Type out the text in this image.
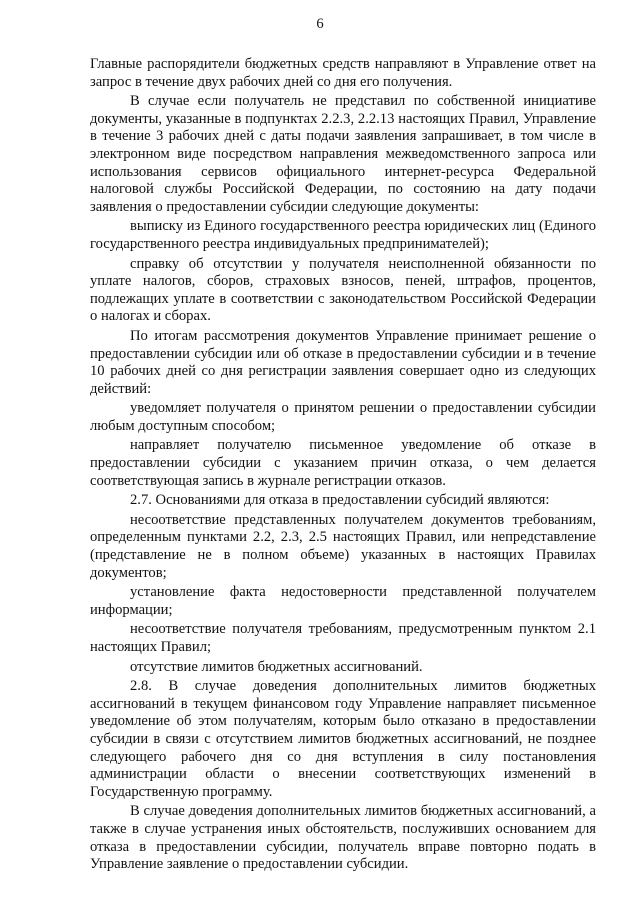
6

Главные распорядители бюджетных средств направляют в Управление ответ на запрос в течение двух рабочих дней со дня его получения.

В случае если получатель не представил по собственной инициативе документы, указанные в подпунктах 2.2.3, 2.2.13 настоящих Правил, Управление в течение 3 рабочих дней с даты подачи заявления запрашивает, в том числе в электронном виде посредством направления межведомственного запроса или использования сервисов официального интернет-ресурса Федеральной налоговой службы Российской Федерации, по состоянию на дату подачи заявления о предоставлении субсидии следующие документы:

выписку из Единого государственного реестра юридических лиц (Единого государственного реестра индивидуальных предпринимателей);

справку об отсутствии у получателя неисполненной обязанности по уплате налогов, сборов, страховых взносов, пеней, штрафов, процентов, подлежащих уплате в соответствии с законодательством Российской Федерации о налогах и сборах.

По итогам рассмотрения документов Управление принимает решение о предоставлении субсидии или об отказе в предоставлении субсидии и в течение 10 рабочих дней со дня регистрации заявления совершает одно из следующих действий:

уведомляет получателя о принятом решении о предоставлении субсидии любым доступным способом;

направляет получателю письменное уведомление об отказе в предоставлении субсидии с указанием причин отказа, о чем делается соответствующая запись в журнале регистрации отказов.

2.7. Основаниями для отказа в предоставлении субсидий являются:

несоответствие представленных получателем документов требованиям, определенным пунктами 2.2, 2.3, 2.5 настоящих Правил, или непредставление (представление не в полном объеме) указанных в настоящих Правилах документов;

установление факта недостоверности представленной получателем информации;

несоответствие получателя требованиям, предусмотренным пунктом 2.1 настоящих Правил;

отсутствие лимитов бюджетных ассигнований.

2.8. В случае доведения дополнительных лимитов бюджетных ассигнований в текущем финансовом году Управление направляет письменное уведомление об этом получателям, которым было отказано в предоставлении субсидии в связи с отсутствием лимитов бюджетных ассигнований, не позднее следующего рабочего дня со дня вступления в силу постановления администрации области о внесении соответствующих изменений в Государственную программу.

В случае доведения дополнительных лимитов бюджетных ассигнований, а также в случае устранения иных обстоятельств, послуживших основанием для отказа в предоставлении субсидии, получатель вправе повторно подать в Управление заявление о предоставлении субсидии.
